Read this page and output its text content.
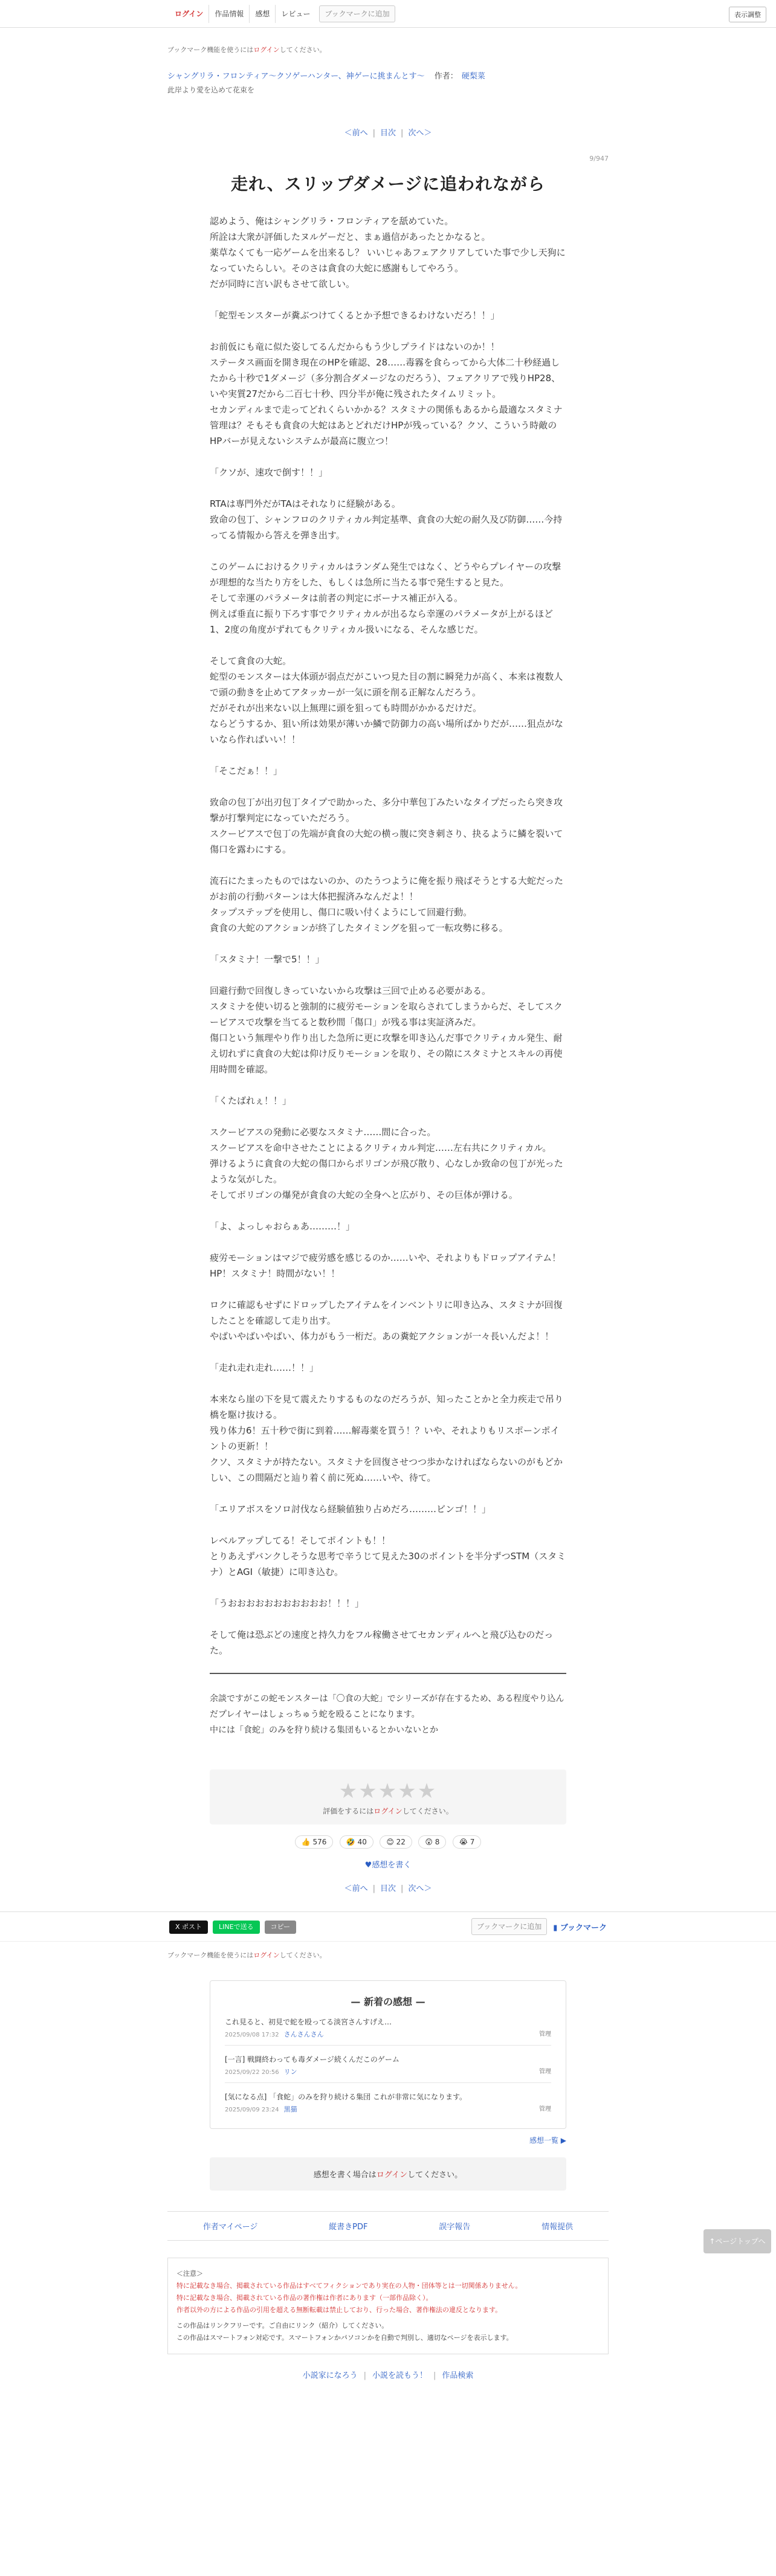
ログイン	作品情報	感想	レビュー	ブックマークに追加	表示調整
ブックマーク機能を使うにはログインしてください。
シャングリラ・フロンティア〜クソゲーハンター、神ゲーに挑まんとす〜 作者： 硬梨菜
此岸より愛を込めて花束を
＜前へ | 目次 | 次へ＞
9/947
走れ、スリップダメージに追われながら

認めよう、俺はシャングリラ・フロンティアを舐めていた。

所詮は大衆が評価したヌルゲーだと、まぁ過信があったとかなると。

薬草なくても一応ゲームを出来るし？ いいじゃあフェアクリアしていた事で少し天狗になっていたらしい。そのさは貪食の大蛇に感謝もしてやろう。

だが同時に言い訳もさせて欲しい。

「蛇型モンスターが糞ぶつけてくるとか予想できるわけないだろ！！」

お前仮にも竜に似た姿してるんだからもう少しプライドはないのか！！

ステータス画面を開き現在のHPを確認、28……毒霧を食らってから大体二十秒経過したから十秒で1ダメージ（多分割合ダメージなのだろう）、フェアクリアで残りHP28、いや実質27だから二百七十秒、四分半が俺に残されたタイムリミット。

セカンディルまで走ってどれくらいかかる？スタミナの関係もあるから最適なスタミナ管理は？そもそも貪食の大蛇はあとどれだけHPが残っている？クソ、こういう時敵のHPバーが見えないシステムが最高に腹立つ！

「クソが、速攻で倒す！！」

RTAは専門外だがTAはそれなりに経験がある。

致命の包丁、シャンフロのクリティカル判定基準、貪食の大蛇の耐久及び防御……今持ってる情報から答えを弾き出す。

このゲームにおけるクリティカルはランダム発生ではなく、どうやらプレイヤーの攻撃が理想的な当たり方をした、もしくは急所に当たる事で発生すると見た。

そして幸運のパラメータは前者の判定にボーナス補正が入る。

例えば垂直に振り下ろす事でクリティカルが出るなら幸運のパラメータが上がるほど1、2度の角度がずれてもクリティカル扱いになる、そんな感じだ。

そして貪食の大蛇。

蛇型のモンスターは大体頭が弱点だがこいつ見た目の割に瞬発力が高く、本来は複数人で頭の動きを止めてアタッカーが一気に頭を削る正解なんだろう。

だがそれが出来ない以上無理に頭を狙っても時間がかかるだけだ。

ならどうするか、狙い所は効果が薄いか鱗で防御力の高い場所ばかりだが……狙点がないなら作ればいい！！

「そこだぁ！！」

致命の包丁が出刃包丁タイプで助かった、多分中華包丁みたいなタイプだったら突き攻撃が打撃判定になっていただろう。

スクービアスで包丁の先端が貪食の大蛇の横っ腹に突き刺さり、抉るように鱗を裂いて傷口を露わにする。

流石にたまったものではないのか、のたうつように俺を振り飛ばそうとする大蛇だったがお前の行動パターンは大体把握済みなんだよ！！

タップステップを使用し、傷口に吸い付くようにして回避行動。

貪食の大蛇のアクションが終了したタイミングを狙って一転攻勢に移る。

「スタミナ！一撃で5！！」

回避行動で回復しきっていないから攻撃は三回で止める必要がある。

スタミナを使い切ると強制的に疲労モーションを取らされてしまうからだ、そしてスクービアスで攻撃を当てると数秒間「傷口」が残る事は実証済みだ。

傷口という無理やり作り出した急所に更に攻撃を叩き込んだ事でクリティカル発生、耐え切れずに貪食の大蛇は仰け反りモーションを取り、その隙にスタミナとスキルの再使用時間を確認。

「くたばれぇ！！」

スクービアスの発動に必要なスタミナ……間に合った。

スクービアスを命中させたことによるクリティカル判定……左右共にクリティカル。

弾けるように貪食の大蛇の傷口からポリゴンが飛び散り、心なしか致命の包丁が光ったような気がした。

そしてポリゴンの爆発が貪食の大蛇の全身へと広がり、その巨体が弾ける。

「よ、よっしゃおらぁあ………！」

疲労モーションはマジで疲労感を感じるのか……いや、それよりもドロップアイテム！HP！スタミナ！時間がない！！

ロクに確認もせずにドロップしたアイテムをインベントリに叩き込み、スタミナが回復したことを確認して走り出す。

やばいやばいやばい、体力がもう一桁だ。あの糞蛇アクションが一々長いんだよ！！

「走れ走れ走れ……！！」

本来なら崖の下を見て震えたりするものなのだろうが、知ったことかと全力疾走で吊り橋を駆け抜ける。

残り体力6！五十秒で街に到着……解毒薬を買う！？いや、それよりもリスポーンポイントの更新！！

クソ、スタミナが持たない。スタミナを回復させつつ歩かなければならないのがもどかしい、この間隔だと辿り着く前に死ぬ……いや、待て。

「エリアボスをソロ討伐なら経験値独り占めだろ………ビンゴ！！」

レベルアップしてる！そしてポイントも！！

とりあえずバンクしそうな思考で辛うじて見えた30のポイントを半分ずつSTM（スタミナ）とAGI（敏捷）に叩き込む。

「うおおおおおおおおおおお！！！」

そして俺は恐ぶどの速度と持久力をフル稼働させてセカンディルへと飛び込むのだった。

余談ですがこの蛇モンスターは「〇食の大蛇」でシリーズが存在するため、ある程度やり込んだプレイヤーはしょっちゅう蛇を殴ることになります。

中には「食蛇」のみを狩り続ける集団もいるとかいないとか

★★★★★
評価をするにはログインしてください。
👍 576	🤣 40	😊 22	😲 8	😭 7
♥感想を書く
＜前へ | 目次 | 次へ＞
X ポスト	LINEで送る	コピー	ブックマークに追加	▮ ブックマーク
ブックマーク機能を使うにはログインしてください。
— 新着の感想 —
これ見ると、初見で蛇を殴ってる淡宮さんすげえ…
2025/09/08 17:32 さんさんさん	管理
[一言] 戦闘終わっても毒ダメージ続くんだこのゲーム
2025/09/22 20:56 リン	管理
[気になる点] 「食蛇」のみを狩り続ける集団 これが非常に気になります。
2025/09/09 23:24 黒猫	管理
感想一覧 ▶
感想を書く場合はログインしてください。
作者マイページ	縦書きPDF	誤字報告	情報提供
＜注意＞
特に記載なき場合、掲載されている作品はすべてフィクションであり実在の人物・団体等とは一切関係ありません。
特に記載なき場合、掲載されている作品の著作権は作者にあります（一部作品除く）。
作者以外の方による作品の引用を超える無断転載は禁止しており、行った場合、著作権法の違反となります。
この作品はリンクフリーです。ご自由にリンク（紹介）してください。
この作品はスマートフォン対応です。スマートフォンかパソコンかを自動で判別し、適切なページを表示します。
小説家になろう | 小説を読もう！ | 作品検索
↑ページトップへ
